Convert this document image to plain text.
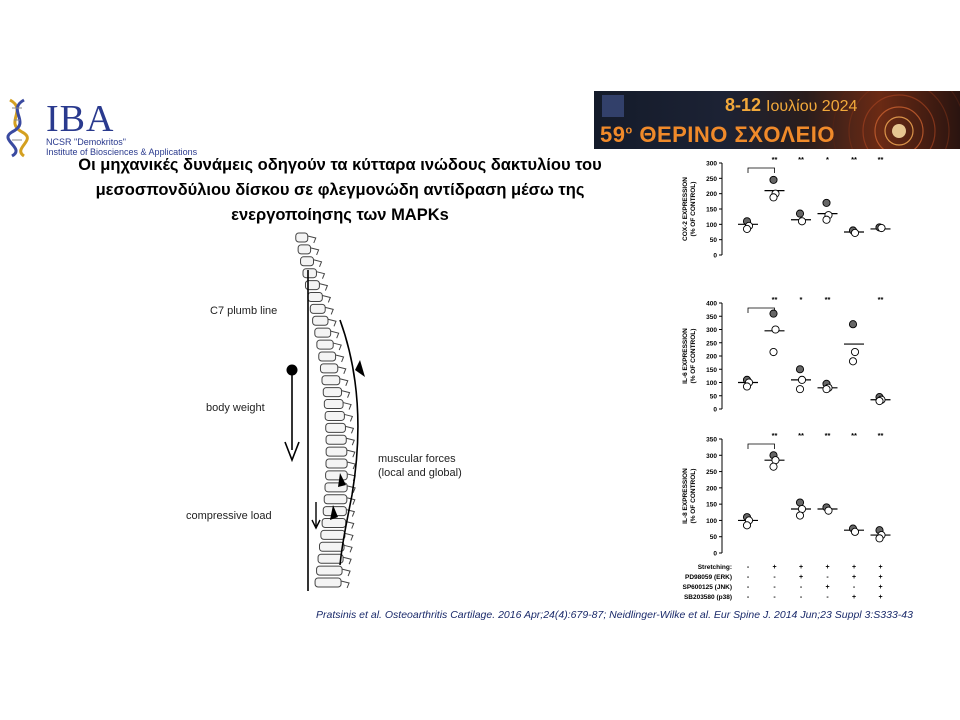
IBA
NCSR "Demokritos"
Institute of Biosciences & Applications
8-12 Ιουλίου 2024
$59^o$ ΘΕΡΙΝΟ ΣΧΟΛΕΙΟ
Οι μηχανικές δυνάμεις οδηγούν τα κύτταρα ινώδους δακτυλίου του
μεσοσπονδύλιου δίσκου σε φλεγμονώδη αντίδραση μέσω της
ενεργοποίησης των MAPKs
C7 plumb line
body weight
compressive load
muscular forces
(local and global)
0
50
100
150
200
250
300
COX-2 EXPRESSION(% OF CONTROL)
**	**	*	**	**
0
50
100
150
200
250
300
350
400
IL-6 EXPRESSION(% OF CONTROL)
**	*	**	**
0
50
100
150
200
250
300
350
IL-8 EXPRESSION(% OF CONTROL)
**	**	**	**	**
Stretching: -	+	+	+	+	+
PD98059 (ERK) -	-	+	-	+	+
SP600125 (JNK) -	-	-	+	-	+
SB203580 (p38) -	-	-	-	+	+
Pratsinis et al. Osteoarthritis Cartilage. 2016 Apr;24(4):679-87; Neidlinger-Wilke et al. Eur Spine J. 2014 Jun;23 Suppl 3:S333-43
